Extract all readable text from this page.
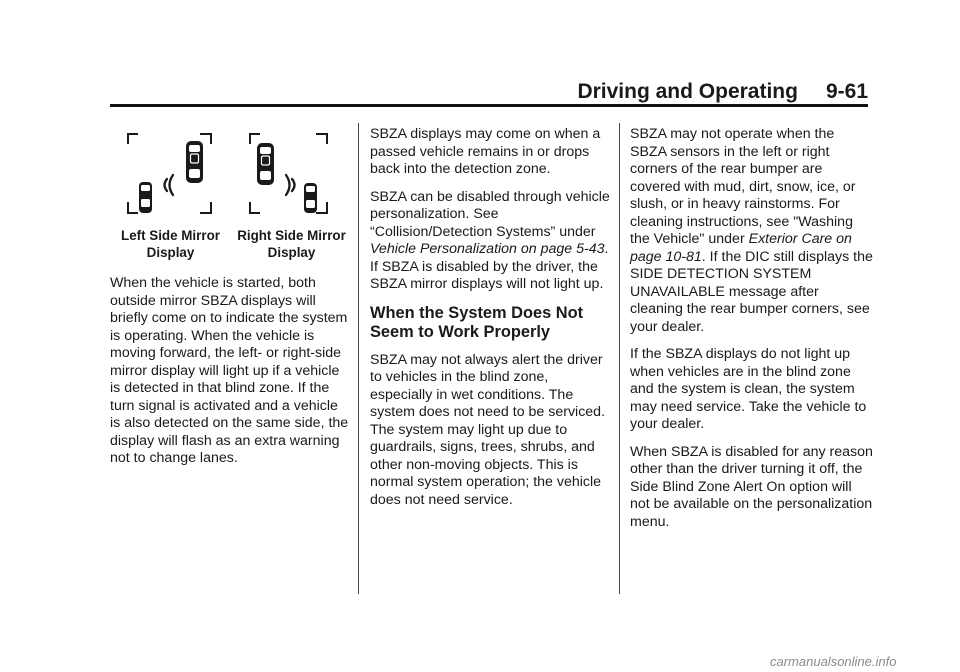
Driving and Operating 9-61
Left Side Mirror
Display
Right Side Mirror
Display

When the vehicle is started, both outside mirror SBZA displays will briefly come on to indicate the system is operating. When the vehicle is moving forward, the left- or right-side mirror display will light up if a vehicle is detected in that blind zone. If the turn signal is activated and a vehicle is also detected on the same side, the display will flash as an extra warning not to change lanes.

SBZA displays may come on when a passed vehicle remains in or drops back into the detection zone.

SBZA can be disabled through vehicle personalization. See “Collision/Detection Systems” under Vehicle Personalization on page 5-43. If SBZA is disabled by the driver, the SBZA mirror displays will not light up.

When the System Does Not Seem to Work Properly

SBZA may not always alert the driver to vehicles in the blind zone, especially in wet conditions. The system does not need to be serviced. The system may light up due to guardrails, signs, trees, shrubs, and other non-moving objects. This is normal system operation; the vehicle does not need service.

SBZA may not operate when the SBZA sensors in the left or right corners of the rear bumper are covered with mud, dirt, snow, ice, or slush, or in heavy rainstorms. For cleaning instructions, see "Washing the Vehicle" under Exterior Care on page 10-81. If the DIC still displays the SIDE DETECTION SYSTEM UNAVAILABLE message after cleaning the rear bumper corners, see your dealer.

If the SBZA displays do not light up when vehicles are in the blind zone and the system is clean, the system may need service. Take the vehicle to your dealer.

When SBZA is disabled for any reason other than the driver turning it off, the Side Blind Zone Alert On option will not be available on the personalization menu.

carmanualsonline.info
